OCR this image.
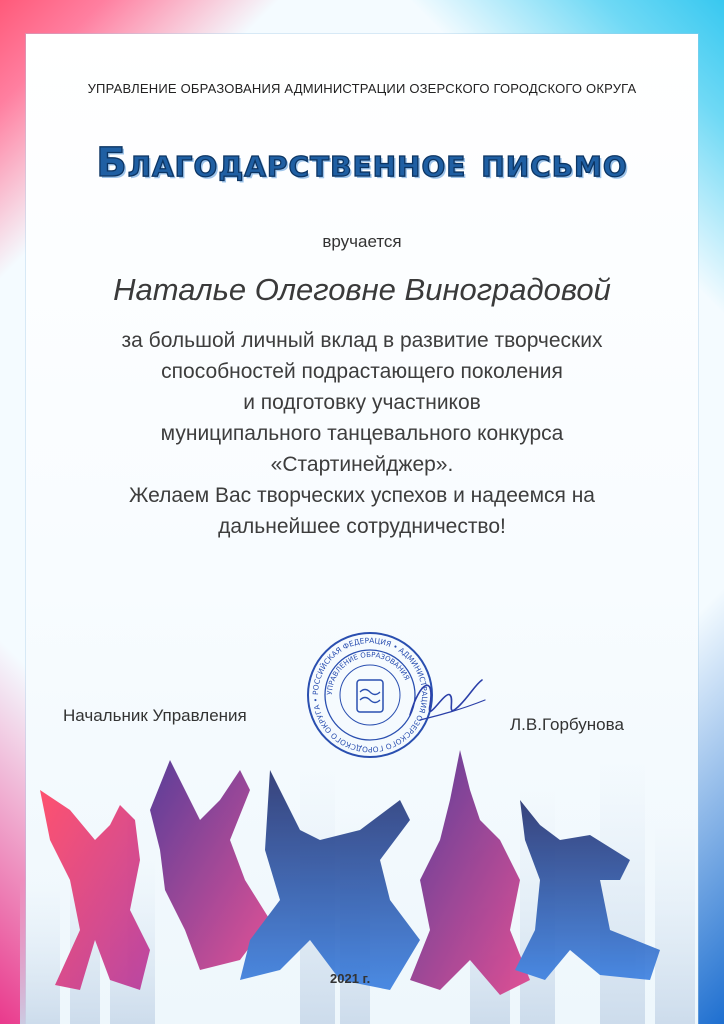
УПРАВЛЕНИЕ ОБРАЗОВАНИЯ АДМИНИСТРАЦИИ ОЗЕРСКОГО ГОРОДСКОГО ОКРУГА
Благодарственное письмо
вручается
Наталье Олеговне Виноградовой
за большой личный вклад в развитие творческих
способностей подрастающего поколения
и подготовку участников
муниципального танцевального конкурса
«Стартинейджер».
Желаем Вас творческих успехов и надеемся на
дальнейшее сотрудничество!
Начальник Управления	Л.В.Горбунова
РОССИЙСКАЯ ФЕДЕРАЦИЯ • АДМИНИСТРАЦИЯ ОЗЕРСКОГО ГОРОДСКОГО ОКРУГА •
УПРАВЛЕНИЕ ОБРАЗОВАНИЯ
2021 г.
